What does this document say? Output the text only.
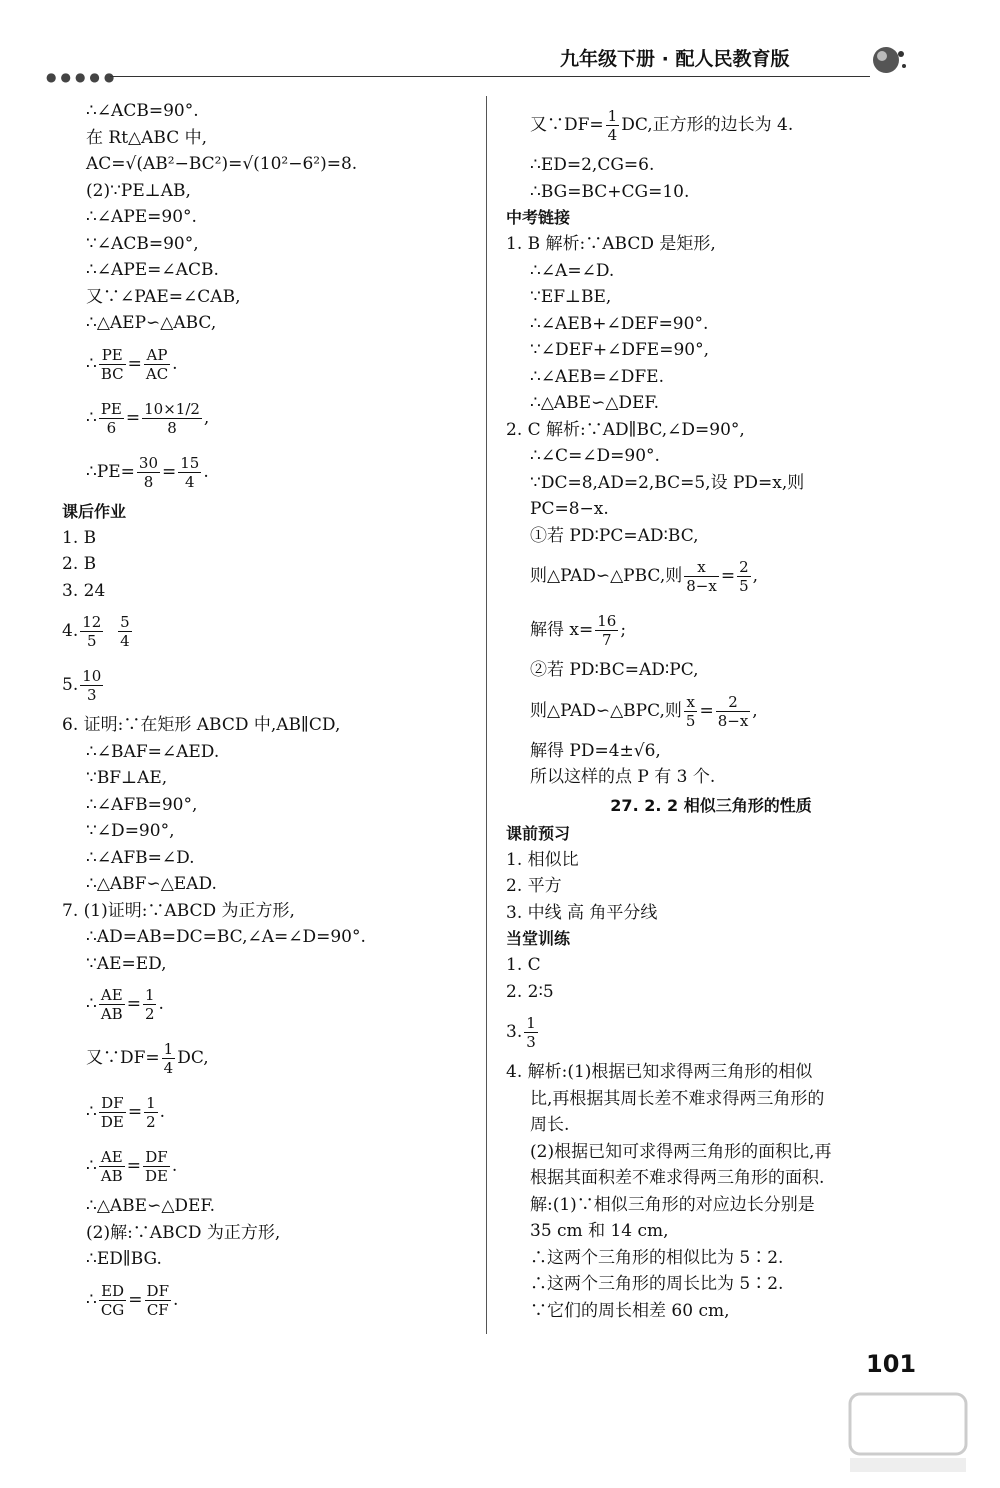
●●●●●
九年级下册 · 配人民教育版
∴∠ACB=90°.
在 Rt△ABC 中,
AC=√(AB²−BC²)=√(10²−6²)=8.
(2)∵PE⊥AB,
∴∠APE=90°.
∵∠ACB=90°,
∴∠APE=∠ACB.
又∵∠PAE=∠CAB,
∴△AEP∽△ABC,
∴ $\frac{PE}{BC} = \frac{AP}{AC}$ .
∴ $\frac{PE}{6} = \frac{10\times 1/2}{8}$ ,
∴PE= $\frac{30}{8} = \frac{15}{4}$ .
课后作业
1. B
2. B
3. 24
4. $\frac{12}{5}$
$\frac{5}{4}$
5. $\frac{10}{3}$
6. 证明:∵在矩形 ABCD 中,AB∥CD,
∴∠BAF=∠AED.
∵BF⊥AE,
∴∠AFB=90°,
∵∠D=90°,
∴∠AFB=∠D.
∴△ABF∽△EAD.
7. (1)证明:∵ABCD 为正方形,
∴AD=AB=DC=BC,∠A=∠D=90°.
∵AE=ED,
∴ $\frac{AE}{AB} = \frac{1}{2}$ .
又∵DF= $\frac{1}{4}$ DC,
∴ $\frac{DF}{DE} = \frac{1}{2}$ .
∴ $\frac{AE}{AB} = \frac{DF}{DE}$ .
∴△ABE∽△DEF.
(2)解:∵ABCD 为正方形,
∴ED∥BG.
∴ $\frac{ED}{CG} = \frac{DF}{CF}$ .
又∵DF= $\frac{1}{4}$ DC,正方形的边长为 4.
∴ED=2,CG=6.
∴BG=BC+CG=10.
中考链接
1. B 解析:∵ABCD 是矩形,
∴∠A=∠D.
∵EF⊥BE,
∴∠AEB+∠DEF=90°.
∵∠DEF+∠DFE=90°,
∴∠AEB=∠DFE.
∴△ABE∽△DEF.
2. C 解析:∵AD∥BC,∠D=90°,
∴∠C=∠D=90°.
∵DC=8,AD=2,BC=5,设 PD=x,则
PC=8−x.
①若 PD∶PC=AD∶BC,
则△PAD∽△PBC,则 $\frac{x}{8-x} = \frac{2}{5}$ ,
解得 $x= \frac{16}{7}$ ;
②若 PD∶BC=AD∶PC,
则△PAD∽△BPC,则 $\frac{x}{5} = \frac{2}{8-x}$ ,
解得 PD=4±√6,
所以这样的点 P 有 3 个.
27. 2. 2 相似三角形的性质
课前预习
1. 相似比
2. 平方
3. 中线 高 角平分线
当堂训练
1. C
2. 2∶5
3. $\frac{1}{3}$
4. 解析:(1)根据已知求得两三角形的相似
比,再根据其周长差不难求得两三角形的
周长.
(2)根据已知可求得两三角形的面积比,再
根据其面积差不难求得两三角形的面积.
解:(1)∵相似三角形的对应边长分别是
35 cm 和 14 cm,
∴这两个三角形的相似比为 5∶2.
∴这两个三角形的周长比为 5∶2.
∵它们的周长相差 60 cm,
101
